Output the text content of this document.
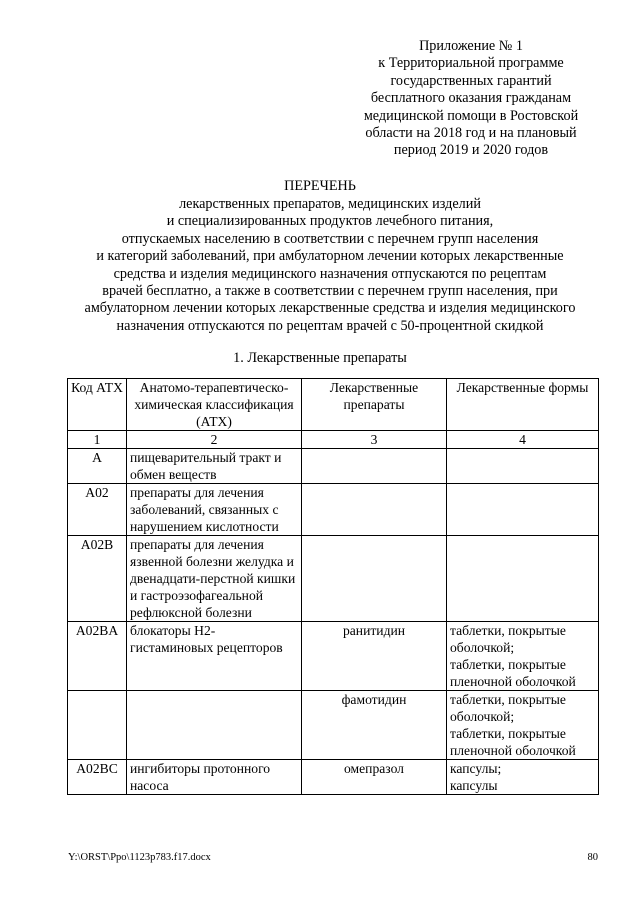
Приложение № 1
к Территориальной программе
государственных гарантий
бесплатного оказания гражданам
медицинской помощи в Ростовской
области на 2018 год и на плановый
период 2019 и 2020 годов
ПЕРЕЧЕНЬ
лекарственных препаратов, медицинских изделий
и специализированных продуктов лечебного питания,
отпускаемых населению в соответствии с перечнем групп населения
и категорий заболеваний, при амбулаторном лечении которых лекарственные
средства и изделия медицинского назначения отпускаются по рецептам
врачей бесплатно, а также в соответствии с перечнем групп населения, при
амбулаторном лечении которых лекарственные средства и изделия медицинского
назначения отпускаются по рецептам врачей с 50-процентной скидкой
1. Лекарственные препараты
Код АТХ	Анатомо-терапевтическо-химическая классификация (АТХ)	Лекарственные препараты	Лекарственные формы
1	2	3	4
А	пищеварительный тракт и обмен веществ		
A02	препараты для лечения заболеваний, связанных с нарушением кислотности		
A02B	препараты для лечения язвенной болезни желудка и двенадцати-перстной кишки и гастроэзофагеальной рефлюксной болезни		
A02BA	блокаторы Н2-гистаминовых рецепторов	ранитидин	таблетки, покрытые оболочкой;
таблетки, покрытые пленочной оболочкой

		фамотидин	таблетки, покрытые оболочкой;
таблетки, покрытые пленочной оболочкой

A02BC	ингибиторы протонного насоса	омепразол	капсулы;
капсулы
Y:\ORST\Ppo\1123p783.f17.docx	80
